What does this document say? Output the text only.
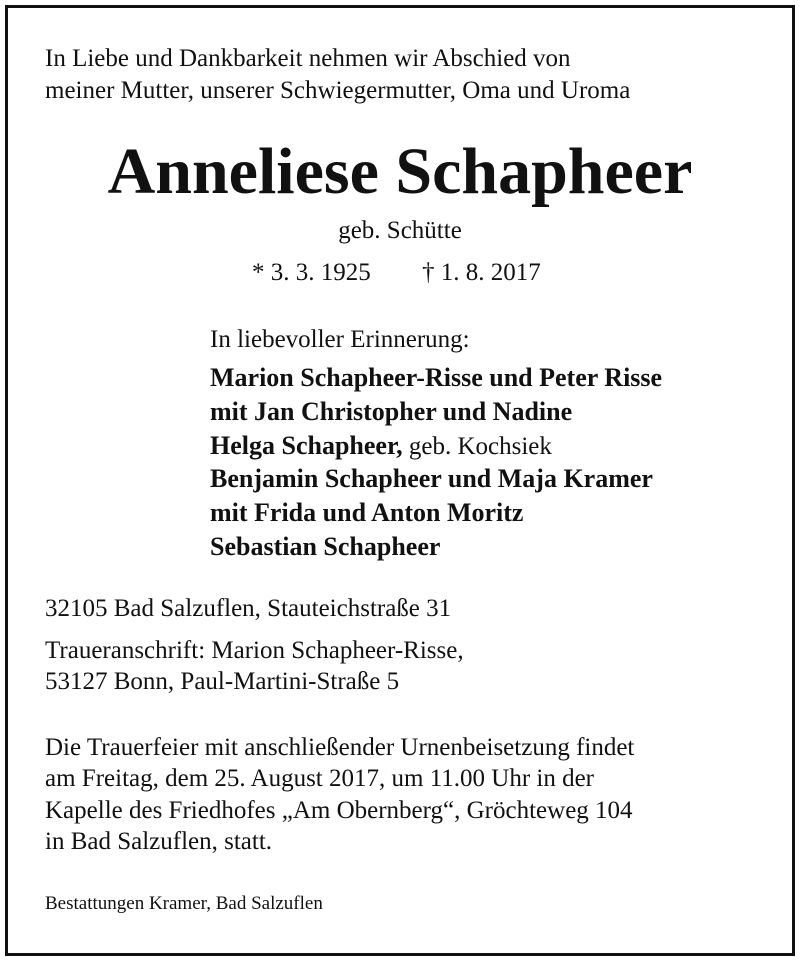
In Liebe und Dankbarkeit nehmen wir Abschied von
meiner Mutter, unserer Schwiegermutter, Oma und Uroma
Anneliese Schapheer
geb. Schütte
* 3. 3. 1925 † 1. 8. 2017
In liebevoller Erinnerung:
Marion Schapheer-Risse und Peter Risse
mit Jan Christopher und Nadine
Helga Schapheer, geb. Kochsiek
Benjamin Schapheer und Maja Kramer
mit Frida und Anton Moritz
Sebastian Schapheer
32105 Bad Salzuflen, Stauteichstraße 31
Traueranschrift: Marion Schapheer-Risse,
53127 Bonn, Paul-Martini-Straße 5
Die Trauerfeier mit anschließender Urnenbeisetzung findet
am Freitag, dem 25. August 2017, um 11.00 Uhr in der
Kapelle des Friedhofes „Am Obernberg“, Gröchteweg 104
in Bad Salzuflen, statt.
Bestattungen Kramer, Bad Salzuflen
